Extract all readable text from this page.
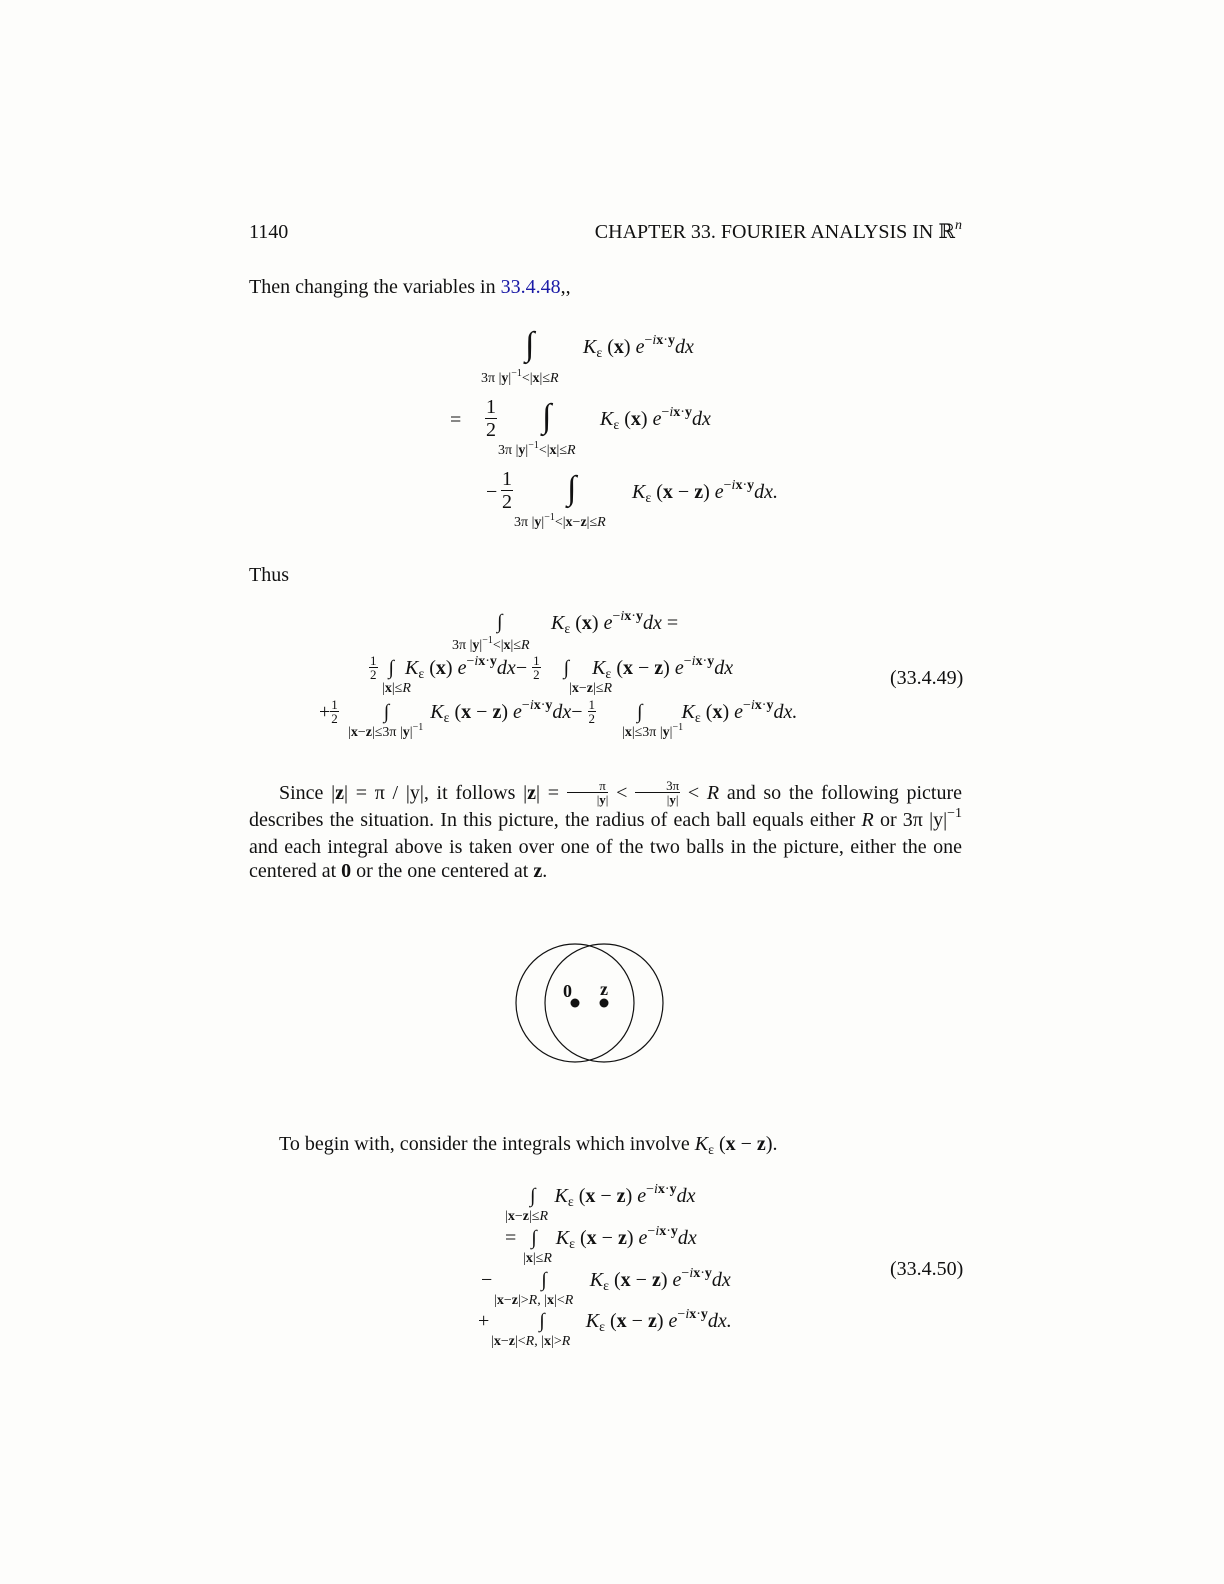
1140	CHAPTER 33. FOURIER ANALYSIS IN ℝ$^n$
Then changing the variables in 33.4.48,,
∫
3π $|y|^{-1}<|x|\le R$
$K_\varepsilon$ (x) $e^{-ix\cdot y}dx$
=
1
2 ∫
3π $|y|^{-1}<|x|\le R$
$K_\varepsilon$ (x) $e^{-ix\cdot y}dx$
−
1
2 ∫
3π $|y|^{-1}<|x-z|\le R$
$K_\varepsilon$ (x − z) $e^{-ix\cdot y}dx$.
Thus
∫
3π $|y|^{-1}<|x|\le R$
$K_\varepsilon$ (x) $e^{-ix\cdot y}dx$ =
$\frac{1}{2}$ ∫ $K_\varepsilon$ (x) $e^{-ix\cdot y}dx- \frac{1}{2}$ ∫ $K_\varepsilon$ (x − z) $e^{-ix\cdot y}dx$
|x|≤R	|x−z|≤R
+ $\frac{1}{2}$ ∫ $K_\varepsilon$ (x − z) $e^{-ix\cdot y}dx- \frac{1}{2}$ ∫ $K_\varepsilon$ (x) $e^{-ix\cdot y}dx$.
|x−z|≤3π $|y|^{-1}$	|x|≤3π $|y|^{-1}$
(33.4.49)

Since |z| = π / |y|, it follows $|z| = \frac{\pi}{|y|} < \frac{3\pi}{|y|} < R$ and so the following picture describes the situation. In this picture, the radius of each ball equals either R or 3π $|y|^{-1}$ and each integral above is taken over one of the two balls in the picture, either the one centered at 0 or the one centered at z.

0 z
To begin with, consider the integrals which involve $K_\varepsilon$ (x − z).
∫ $K_\varepsilon$ (x − z) $e^{-ix\cdot y}dx$
|x−z|≤R
= ∫ $K_\varepsilon$ (x − z) $e^{-ix\cdot y}dx$
|x|≤R
− ∫ $K_\varepsilon$ (x − z) $e^{-ix\cdot y}dx$
|x−z|>R, |x|<R
+	∫ $K_\varepsilon$ (x − z) $e^{-ix\cdot y}dx$.
|x−z|<R, |x|>R
(33.4.50)
